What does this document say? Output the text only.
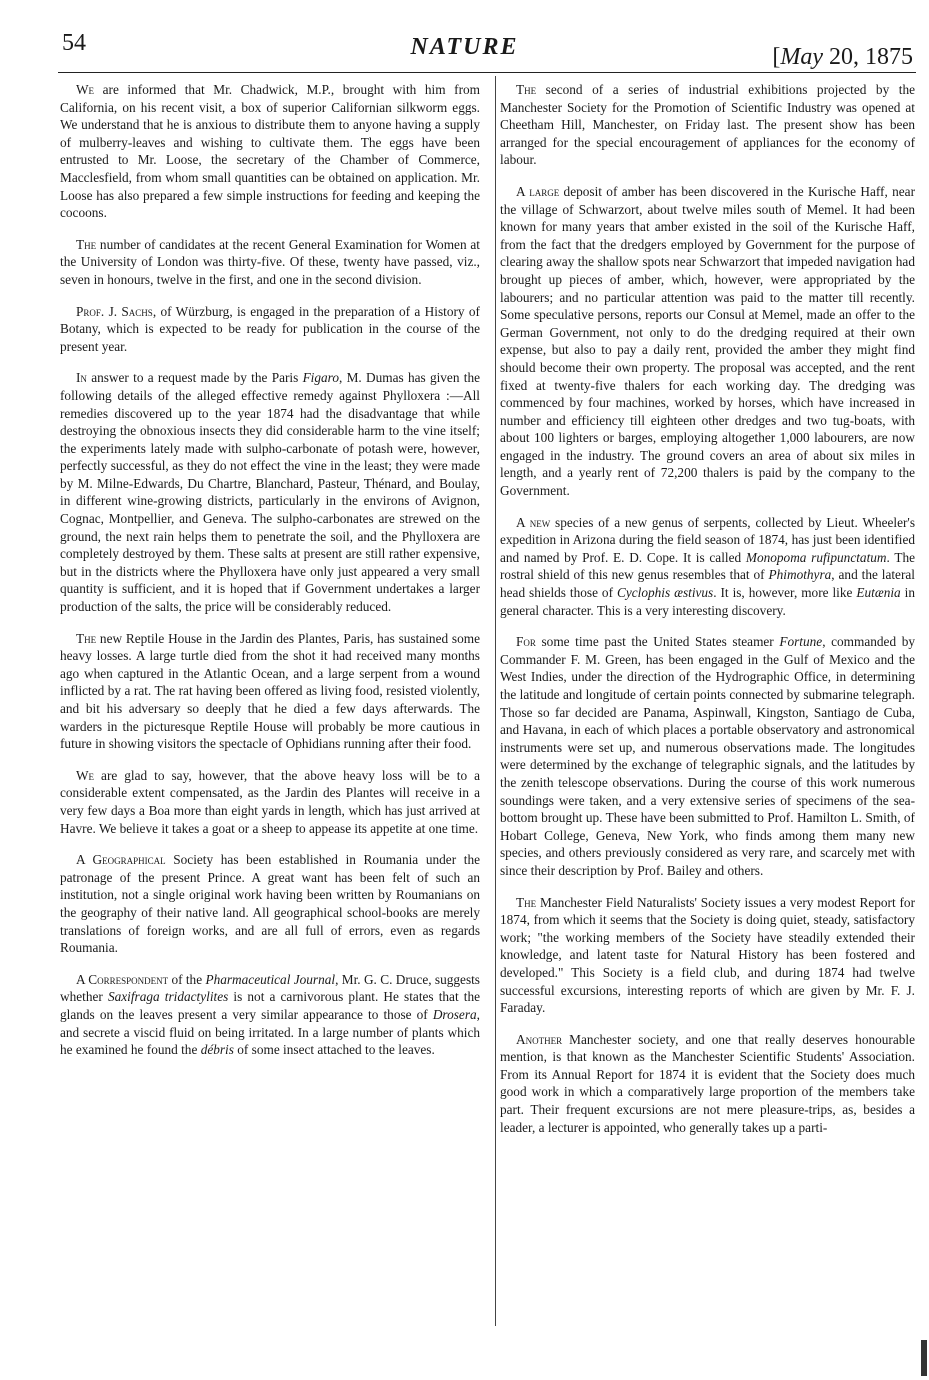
54	NATURE	[May 20, 1875

We are informed that Mr. Chadwick, M.P., brought with him from California, on his recent visit, a box of superior Californian silkworm eggs. We understand that he is anxious to distribute them to anyone having a supply of mulberry-leaves and wishing to cultivate them. The eggs have been entrusted to Mr. Loose, the secretary of the Chamber of Commerce, Macclesfield, from whom small quantities can be obtained on application. Mr. Loose has also prepared a few simple instructions for feeding and keeping the cocoons.

The number of candidates at the recent General Examination for Women at the University of London was thirty-five. Of these, twenty have passed, viz., seven in honours, twelve in the first, and one in the second division.

Prof. J. Sachs, of Würzburg, is engaged in the preparation of a History of Botany, which is expected to be ready for publication in the course of the present year.

In answer to a request made by the Paris Figaro, M. Dumas has given the following details of the alleged effective remedy against Phylloxera :—All remedies discovered up to the year 1874 had the disadvantage that while destroying the obnoxious insects they did considerable harm to the vine itself; the experiments lately made with sulpho-carbonate of potash were, however, perfectly successful, as they do not effect the vine in the least; they were made by M. Milne-Edwards, Du Chartre, Blanchard, Pasteur, Thénard, and Boulay, in different wine-growing districts, particularly in the environs of Avignon, Cognac, Montpellier, and Geneva. The sulpho-carbonates are strewed on the ground, the next rain helps them to penetrate the soil, and the Phylloxera are completely destroyed by them. These salts at present are still rather expensive, but in the districts where the Phylloxera have only just appeared a very small quantity is sufficient, and it is hoped that if Government undertakes a larger production of the salts, the price will be considerably reduced.

The new Reptile House in the Jardin des Plantes, Paris, has sustained some heavy losses. A large turtle died from the shot it had received many months ago when captured in the Atlantic Ocean, and a large serpent from a wound inflicted by a rat. The rat having been offered as living food, resisted violently, and bit his adversary so deeply that he died a few days afterwards. The warders in the picturesque Reptile House will probably be more cautious in future in showing visitors the spectacle of Ophidians running after their food.

We are glad to say, however, that the above heavy loss will be to a considerable extent compensated, as the Jardin des Plantes will receive in a very few days a Boa more than eight yards in length, which has just arrived at Havre. We believe it takes a goat or a sheep to appease its appetite at one time.

A Geographical Society has been established in Roumania under the patronage of the present Prince. A great want has been felt of such an institution, not a single original work having been written by Roumanians on the geography of their native land. All geographical school-books are merely translations of foreign works, and are all full of errors, even as regards Roumania.

A Correspondent of the Pharmaceutical Journal, Mr. G. C. Druce, suggests whether Saxifraga tridactylites is not a carnivorous plant. He states that the glands on the leaves present a very similar appearance to those of Drosera, and secrete a viscid fluid on being irritated. In a large number of plants which he examined he found the débris of some insect attached to the leaves.

The second of a series of industrial exhibitions projected by the Manchester Society for the Promotion of Scientific Industry was opened at Cheetham Hill, Manchester, on Friday last. The present show has been arranged for the special encouragement of appliances for the economy of labour.

A large deposit of amber has been discovered in the Kurische Haff, near the village of Schwarzort, about twelve miles south of Memel. It had been known for many years that amber existed in the soil of the Kurische Haff, from the fact that the dredgers employed by Government for the purpose of clearing away the shallow spots near Schwarzort that impeded navigation had brought up pieces of amber, which, however, were appropriated by the labourers; and no particular attention was paid to the matter till recently. Some speculative persons, reports our Consul at Memel, made an offer to the German Government, not only to do the dredging required at their own expense, but also to pay a daily rent, provided the amber they might find should become their own property. The proposal was accepted, and the rent fixed at twenty-five thalers for each working day. The dredging was commenced by four machines, worked by horses, which have increased in number and efficiency till eighteen other dredges and two tug-boats, with about 100 lighters or barges, employing altogether 1,000 labourers, are now engaged in the industry. The ground covers an area of about six miles in length, and a yearly rent of 72,200 thalers is paid by the company to the Government.

A new species of a new genus of serpents, collected by Lieut. Wheeler's expedition in Arizona during the field season of 1874, has just been identified and named by Prof. E. D. Cope. It is called Monopoma rufipunctatum. The rostral shield of this new genus resembles that of Phimothyra, and the lateral head shields those of Cyclophis æstivus. It is, however, more like Eutænia in general character. This is a very interesting discovery.

For some time past the United States steamer Fortune, commanded by Commander F. M. Green, has been engaged in the Gulf of Mexico and the West Indies, under the direction of the Hydrographic Office, in determining the latitude and longitude of certain points connected by submarine telegraph. Those so far decided are Panama, Aspinwall, Kingston, Santiago de Cuba, and Havana, in each of which places a portable observatory and astronomical instruments were set up, and numerous observations made. The longitudes were determined by the exchange of telegraphic signals, and the latitudes by the zenith telescope observations. During the course of this work numerous soundings were taken, and a very extensive series of specimens of the sea-bottom brought up. These have been submitted to Prof. Hamilton L. Smith, of Hobart College, Geneva, New York, who finds among them many new species, and others previously considered as very rare, and scarcely met with since their description by Prof. Bailey and others.

The Manchester Field Naturalists' Society issues a very modest Report for 1874, from which it seems that the Society is doing quiet, steady, satisfactory work; "the working members of the Society have steadily extended their knowledge, and latent taste for Natural History has been fostered and developed." This Society is a field club, and during 1874 had twelve successful excursions, interesting reports of which are given by Mr. F. J. Faraday.

Another Manchester society, and one that really deserves honourable mention, is that known as the Manchester Scientific Students' Association. From its Annual Report for 1874 it is evident that the Society does much good work in which a comparatively large proportion of the members take part. Their frequent excursions are not mere pleasure-trips, as, besides a leader, a lecturer is appointed, who generally takes up a parti-
